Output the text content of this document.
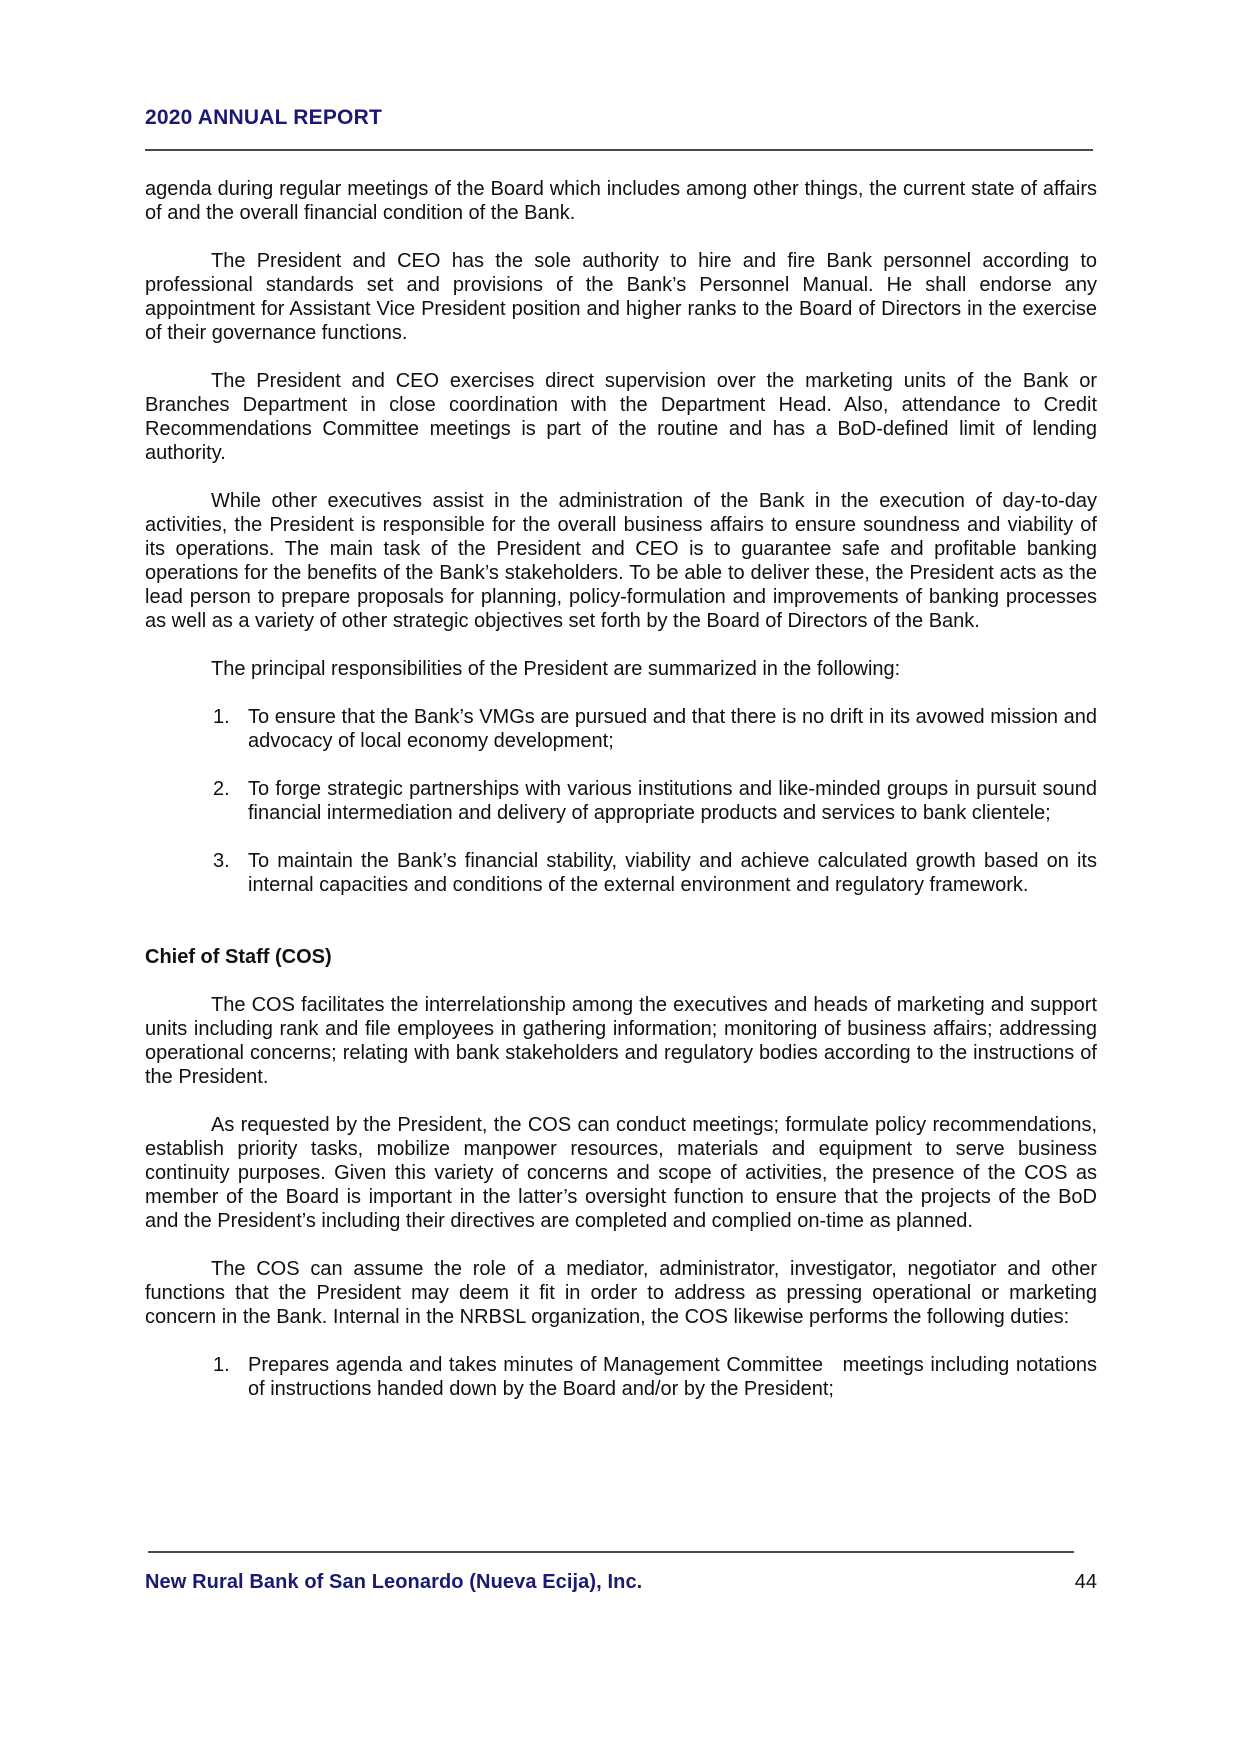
2020 ANNUAL REPORT

agenda during regular meetings of the Board which includes among other things, the current state of affairs of and the overall financial condition of the Bank.

The President and CEO has the sole authority to hire and fire Bank personnel according to professional standards set and provisions of the Bank’s Personnel Manual. He shall endorse any appointment for Assistant Vice President position and higher ranks to the Board of Directors in the exercise of their governance functions.

The President and CEO exercises direct supervision over the marketing units of the Bank or Branches Department in close coordination with the Department Head. Also, attendance to Credit Recommendations Committee meetings is part of the routine and has a BoD-defined limit of lending authority.

While other executives assist in the administration of the Bank in the execution of day-to-day activities, the President is responsible for the overall business affairs to ensure soundness and viability of its operations. The main task of the President and CEO is to guarantee safe and profitable banking operations for the benefits of the Bank’s stakeholders. To be able to deliver these, the President acts as the lead person to prepare proposals for planning, policy-formulation and improvements of banking processes as well as a variety of other strategic objectives set forth by the Board of Directors of the Bank.

The principal responsibilities of the President are summarized in the following:

1. To ensure that the Bank’s VMGs are pursued and that there is no drift in its avowed mission and advocacy of local economy development;
2. To forge strategic partnerships with various institutions and like-minded groups in pursuit sound financial intermediation and delivery of appropriate products and services to bank clientele;
3. To maintain the Bank’s financial stability, viability and achieve calculated growth based on its internal capacities and conditions of the external environment and regulatory framework.
Chief of Staff (COS)

The COS facilitates the interrelationship among the executives and heads of marketing and support units including rank and file employees in gathering information; monitoring of business affairs; addressing operational concerns; relating with bank stakeholders and regulatory bodies according to the instructions of the President.

As requested by the President, the COS can conduct meetings; formulate policy recommendations, establish priority tasks, mobilize manpower resources, materials and equipment to serve business continuity purposes. Given this variety of concerns and scope of activities, the presence of the COS as member of the Board is important in the latter’s oversight function to ensure that the projects of the BoD and the President’s including their directives are completed and complied on-time as planned.

The COS can assume the role of a mediator, administrator, investigator, negotiator and other functions that the President may deem it fit in order to address as pressing operational or marketing concern in the Bank. Internal in the NRBSL organization, the COS likewise performs the following duties:

1. Prepares agenda and takes minutes of Management Committee   meetings including notations of instructions handed down by the Board and/or by the President;
New Rural Bank of San Leonardo (Nueva Ecija), Inc.	44
